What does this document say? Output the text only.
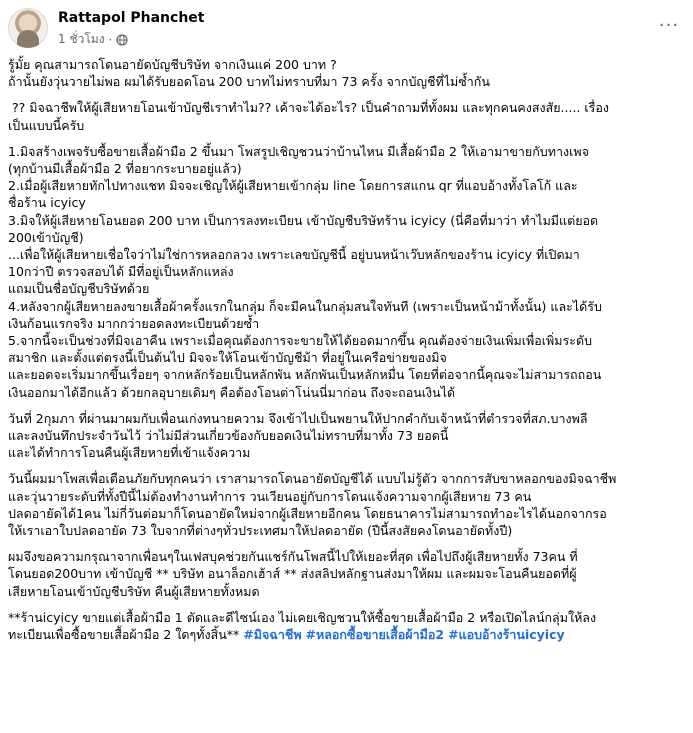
Rattapol Phanchet
1 ชั่วโมง ·
···

รู้มั้ย คุณสามารถโดนอายัดบัญชีบริษัท จากเงินแค่ 200 บาท ?

ถ้านั้นยังวุ่นวายไม่พอ ผมได้รับยอดโอน 200 บาทไม่ทราบที่มา 73 ครั้ง จากบัญชีที่ไม่ซ้ำกัน

?? มิจฉาชีพให้ผู้เสียหายโอนเข้าบัญชีเราทำไม?? เค้าจะได้อะไร? เป็นคำถามที่ทั้งผม และทุกคนคงสงสัย..... เรื่อง

เป็นแบบนี้ครับ

1.มิจสร้างเพจรับซื้อขายเสื้อผ้ามือ 2 ขึ้นมา โพสรูปเชิญชวนว่าบ้านไหน มีเสื้อผ้ามือ 2 ให้เอามาขายกับทางเพจ

(ทุกบ้านมีเสื้อผ้ามือ 2 ที่อยากระบายอยู่แล้ว)

2.เมื่อผู้เสียหายทักไปทางแชท มิจจะเชิญให้ผู้เสียหายเข้ากลุ่ม line โดยการสแกน qr ที่แอบอ้างทั้งโลโก้ และ

ชื่อร้าน icyicy

3.มิจให้ผู้เสียหายโอนยอด 200 บาท เป็นการลงทะเบียน เข้าบัญชีบริษัทร้าน icyicy (นี่คือที่มาว่า ทำไมมีแต่ยอด

200เข้าบัญชี)

...เพื่อให้ผู้เสียหายเชื่อใจว่าไม่ใช่การหลอกลวง เพราะเลขบัญชีนี้ อยู่บนหน้าเว๊บหลักของร้าน icyicy ที่เปิดมา

10กว่าปี ตรวจสอบได้ มีที่อยู่เป็นหลักแหล่ง

แถมเป็นชื่อบัญชีบริษัทด้วย

4.หลังจากผู้เสียหายลงขายเสื้อผ้าครั้งแรกในกลุ่ม ก็จะมีคนในกลุ่มสนใจทันที (เพราะเป็นหน้าม้าทั้งนั้น) และได้รับ

เงินก้อนแรกจริง มากกว่ายอดลงทะเบียนด้วยซ้ำ

5.จากนี้จะเป็นช่วงที่มิจเอาคืน เพราะเมื่อคุณต้องการจะขายให้ได้ยอดมากขึ้น คุณต้องจ่ายเงินเพิ่มเพื่อเพิ่มระดับ

สมาชิก และตั้งแต่ตรงนี้เป็นต้นไป มิจจะให้โอนเข้าบัญชีม้า ที่อยู่ในเครือข่ายของมิจ

และยอดจะเริ่มมากขึ้นเรื่อยๆ จากหลักร้อยเป็นหลักพัน หลักพันเป็นหลักหมื่น โดยที่ต่อจากนี้คุณจะไม่สามารถถอน

เงินออกมาได้อีกแล้ว ด้วยกลอุบายเดิมๆ คือต้องโอนต่าโน่นนี่มาก่อน ถึงจะถอนเงินได้

วันที่ 2กุมภา ที่ผ่านมาผมกับเพื่อนเก่งทนายความ จึงเข้าไปเป็นพยานให้ปากคำกับเจ้าหน้าที่ตำรวจที่สภ.บางพลี

และลงบันทึกประจำวันไว้ ว่าไม่มีส่วนเกี่ยวข้องกับยอดเงินไม่ทราบที่มาทั้ง 73 ยอดนี้

และได้ทำการโอนคืนผู้เสียหายที่เข้าแจ้งความ

วันนี้ผมมาโพสเพื่อเตือนภัยกับทุกคนว่า เราสามารถโดนอายัดบัญชีได้ แบบไม่รู้ตัว จากการสับขาหลอกของมิจฉาชีพ

และวุ่นวายระดับที่ทั้งปีนี้ไม่ต้องทำงานทำการ วนเวียนอยู่กับการโดนแจ้งความจากผู้เสียหาย 73 คน

ปลดอายัดได้1คน ไม่กี่วันต่อมาก็โดนอายัดใหม่จากผู้เสียหายอีกคน โดยธนาคารไม่สามารถทำอะไรได้นอกจากรอ

ให้เราเอาใบปลดอายัด 73 ใบจากที่ต่างๆทั่วประเทศมาให้ปลดอายัด (ปีนี้สงสัยคงโดนอายัดทั้งปี)

ผมจึงขอความกรุณาจากเพื่อนๆในเฟสบุคช่วยกันแชร์กันโพสนี้ไปให้เยอะที่สุด เพื่อไปถึงผู้เสียหายทั้ง 73คน ที่

โดนยอด200บาท เข้าบัญชี ** บริษัท อนาล็อกเฮ้าส์ ** ส่งสลิปหลักฐานส่งมาให้ผม และผมจะโอนคืนยอดที่ผู้

เสียหายโอนเข้าบัญชีบริษัท คืนผู้เสียหายทั้งหมด

**ร้านicyicy ขายแต่เสื้อผ้ามือ 1 ตัดและดีไซน์เอง ไม่เคยเชิญชวนให้ซื้อขายเสื้อผ้ามือ 2 หรือเปิดไลน์กลุ่มให้ลง

ทะเบียนเพื่อซื้อขายเสื้อผ้ามือ 2 ใดๆทั้งสิ้น** #มิจฉาชีพ #หลอกซื้อขายเสื้อผ้ามือ2 #แอบอ้างร้านicyicy
